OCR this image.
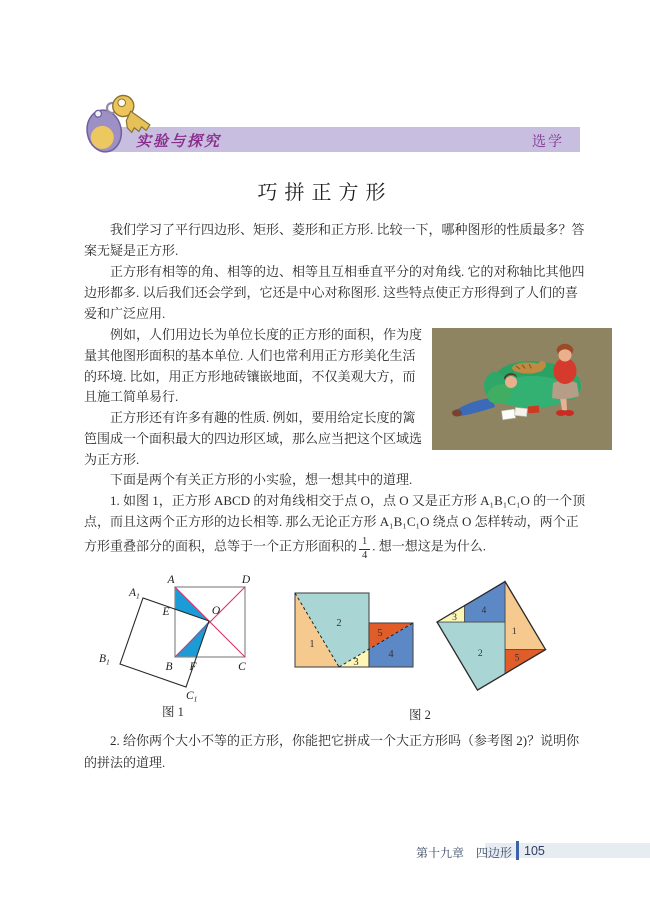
实验与探究	选学
巧拼正方形
我们学习了平行四边形、矩形、菱形和正方形. 比较一下，哪种图形的性质最多？答
案无疑是正方形.
正方形有相等的角、相等的边、相等且互相垂直平分的对角线. 它的对称轴比其他四
边形都多. 以后我们还会学到，它还是中心对称图形. 这些特点使正方形得到了人们的喜
爱和广泛应用.
例如，人们用边长为单位长度的正方形的面积，作为度
量其他图形面积的基本单位. 人们也常利用正方形美化生活
的环境. 比如，用正方形地砖镶嵌地面，不仅美观大方，而
且施工简单易行.
正方形还有许多有趣的性质. 例如，要用给定长度的篱
笆围成一个面积最大的四边形区域，那么应当把这个区域选
为正方形.
下面是两个有关正方形的小实验，想一想其中的道理.
1. 如图 1，正方形 ABCD 的对角线相交于点 O，点 O 又是正方形 A₁B₁C₁O 的一个顶
点，而且这两个正方形的边长相等. 那么无论正方形 A₁B₁C₁O 绕点 O 怎样转动，两个正
方形重叠部分的面积，总等于一个正方形面积的 $\frac{1}{4}$ . 想一想这是为什么.
2. 给你两个大小不等的正方形，你能把它拼成一个大正方形吗（参考图 2)？说明你
的拼法的道理.
A	D
B	C
E
F
O
$A_1$
$B_1$
$C_1$
图 1
1
2
3
5
4	2
3
4
1
5
图 2
第十九章 四边形 105
